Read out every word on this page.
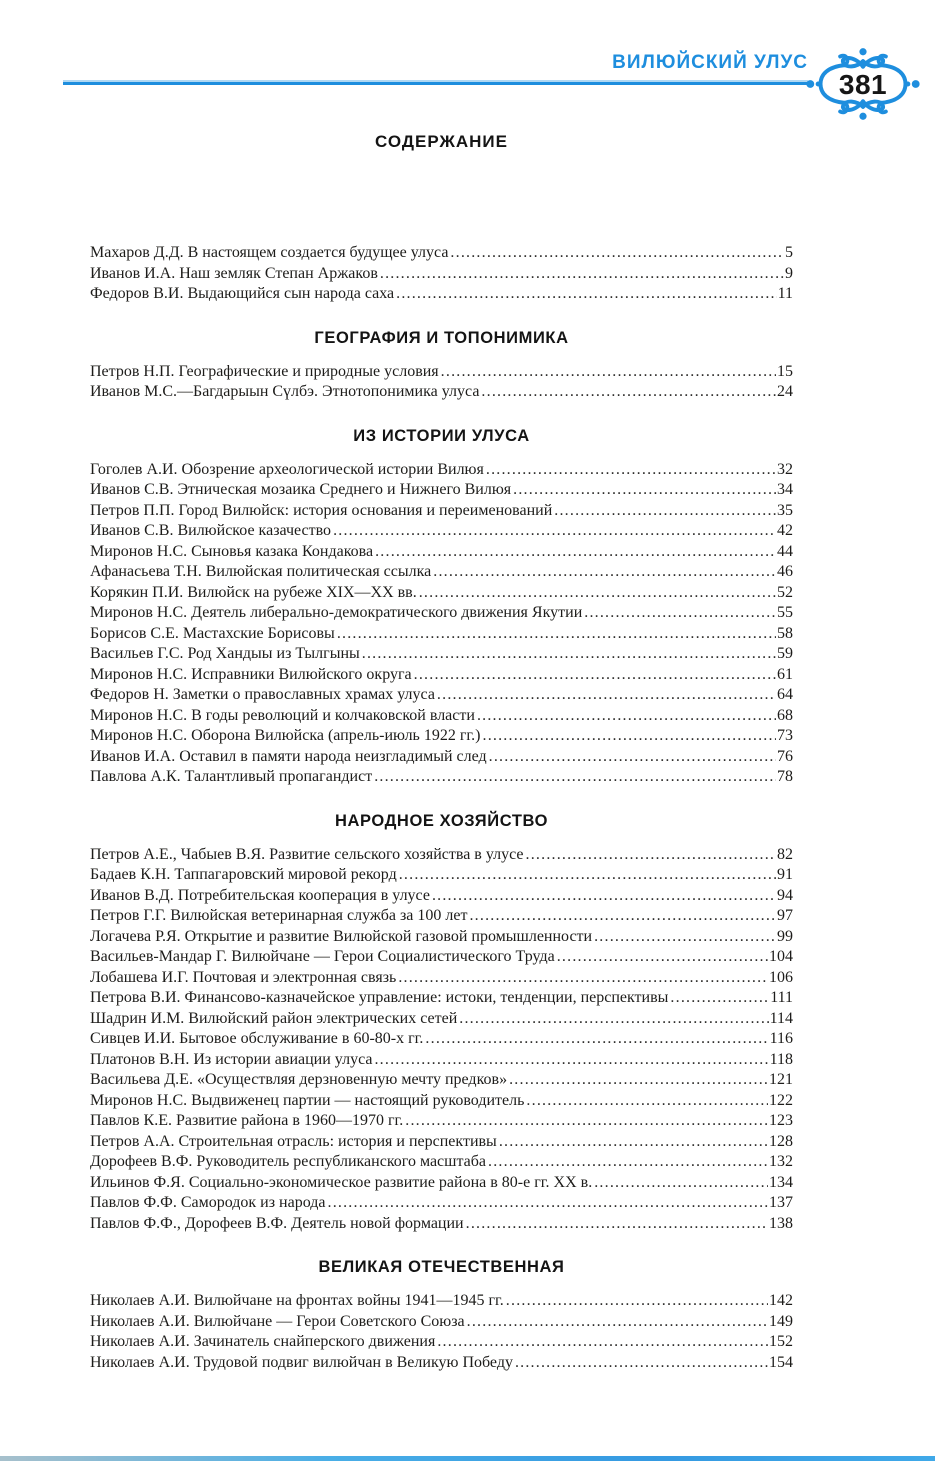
ВИЛЮЙСКИЙ УЛУС
381
СОДЕРЖАНИЕ
Махаров Д.Д. В настоящем создается будущее улуса .....	5
Иванов И.А. Наш земляк Степан Аржаков .....	9
Федоров В.И. Выдающийся сын народа саха .....	11
ГЕОГРАФИЯ И ТОПОНИМИКА
Петров Н.П. Географические и природные условия .....	15
Иванов М.С.—Багдарыын Сүлбэ. Этнотопонимика улуса .....	24
ИЗ ИСТОРИИ УЛУСА
Гоголев А.И. Обозрение археологической истории Вилюя .....	32
Иванов С.В. Этническая мозаика Среднего и Нижнего Вилюя .....	34
Петров П.П. Город Вилюйск: история основания и переименований .....	35
Иванов С.В. Вилюйское казачество .....	42
Миронов Н.С. Сыновья казака Кондакова .....	44
Афанасьева Т.Н. Вилюйская политическая ссылка .....	46
Корякин П.И. Вилюйск на рубеже XIX—XX вв. .....	52
Миронов Н.С. Деятель либерально-демократического движения Якутии .....	55
Борисов С.Е. Мастахские Борисовы .....	58
Васильев Г.С. Род Хандыы из Тылгыны .....	59
Миронов Н.С. Исправники Вилюйского округа .....	61
Федоров Н. Заметки о православных храмах улуса .....	64
Миронов Н.С. В годы революций и колчаковской власти .....	68
Миронов Н.С. Оборона Вилюйска (апрель-июль 1922 гг.) .....	73
Иванов И.А. Оставил в памяти народа неизгладимый след .....	76
Павлова А.К. Талантливый пропагандист .....	78
НАРОДНОЕ ХОЗЯЙСТВО
Петров А.Е., Чабыев В.Я. Развитие сельского хозяйства в улусе .....	82
Бадаев К.Н. Таппагаровский мировой рекорд .....	91
Иванов В.Д. Потребительская кооперация в улусе .....	94
Петров Г.Г. Вилюйская ветеринарная служба за 100 лет .....	97
Логачева Р.Я. Открытие и развитие Вилюйской газовой промышленности .....	99
Васильев-Мандар Г. Вилюйчане — Герои Социалистического Труда .....	104
Лобашева И.Г. Почтовая и электронная связь .....	106
Петрова В.И. Финансово-казначейское управление: истоки, тенденции, перспективы .....	111
Шадрин И.М. Вилюйский район электрических сетей .....	114
Сивцев И.И. Бытовое обслуживание в 60-80-х гг. .....	116
Платонов В.Н. Из истории авиации улуса .....	118
Васильева Д.Е. «Осуществляя дерзновенную мечту предков» .....	121
Миронов Н.С. Выдвиженец партии — настоящий руководитель .....	122
Павлов К.Е. Развитие района в 1960—1970 гг. .....	123
Петров А.А. Строительная отрасль: история и перспективы .....	128
Дорофеев В.Ф. Руководитель республиканского масштаба .....	132
Ильинов Ф.Я. Социально-экономическое развитие района в 80-е гг. XX в. .....	134
Павлов Ф.Ф. Самородок из народа .....	137
Павлов Ф.Ф., Дорофеев В.Ф. Деятель новой формации .....	138
ВЕЛИКАЯ ОТЕЧЕСТВЕННАЯ
Николаев А.И. Вилюйчане на фронтах войны 1941—1945 гг. .....	142
Николаев А.И. Вилюйчане — Герои Советского Союза .....	149
Николаев А.И. Зачинатель снайперского движения .....	152
Николаев А.И. Трудовой подвиг вилюйчан в Великую Победу .....	154
